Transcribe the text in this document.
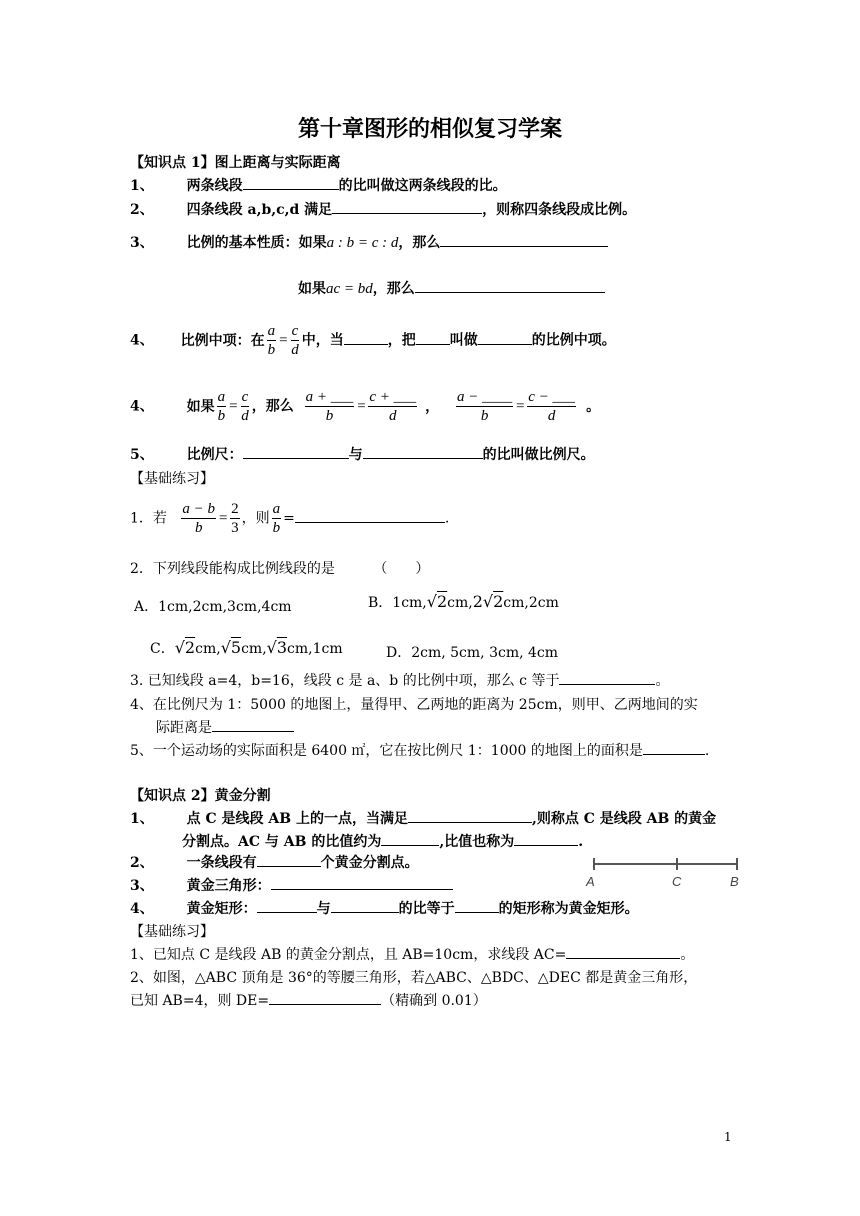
第十章图形的相似复习学案
【知识点 1】图上距离与实际距离
1、 两条线段	的比叫做这两条线段的比。
2、 四条线段 a,b,c,d 满足	，则称四条线段成比例。
3、 比例的基本性质：如果a : b = c : d，那么
如果ac = bd，那么
4、 比例中项：在 $\frac{a}{b} = \frac{c}{d}$ 中，当	，把 叫做	的比例中项。
4、 如果 $\frac{a}{b} = \frac{c}{d}$ ，那么 $\frac{a + \_\_\_}{b} = \frac{c + \_\_\_}{d}$ ， $\frac{a - \_\_\_\_}{b} = \frac{c - \_\_\_}{d}$ 。
5、 比例尺：	与	的比叫做比例尺。
【基础练习】
1．若 $\frac{a - b}{b} = \frac{2}{3}$ ，则 $\frac{a}{b}$ =	.
2．下列线段能构成比例线段的是	（　　）
A．1cm,2cm,3cm,4cm	B．1cm,√2cm,2√2cm,2cm
C．√2cm,√5cm,√3cm,1cm	D．2cm, 5cm, 3cm, 4cm
3. 已知线段 a=4，b=16，线段 c 是 a、b 的比例中项，那么 c 等于	。
4、在比例尺为 1：5000 的地图上，量得甲、乙两地的距离为 25cm，则甲、乙两地间的实
际距离是
5、一个运动场的实际面积是 6400 ㎡，它在按比例尺 1：1000 的地图上的面积是	.
【知识点 2】黄金分割
1、 点 C 是线段 AB 上的一点，当满足	,则称点 C 是线段 AB 的黄金
分割点。AC 与 AB 的比值约为	,比值也称为	.
2、 一条线段有	个黄金分割点。
3、 黄金三角形：
4、 黄金矩形：	与	的比等于	的矩形称为黄金矩形。
A	C	B
【基础练习】
1、已知点 C 是线段 AB 的黄金分割点，且 AB=10cm，求线段 AC=	。
2、如图，△ABC 顶角是 36°的等腰三角形，若△ABC、△BDC、△DEC 都是黄金三角形，
已知 AB=4，则 DE=	（精确到 0.01）
1
